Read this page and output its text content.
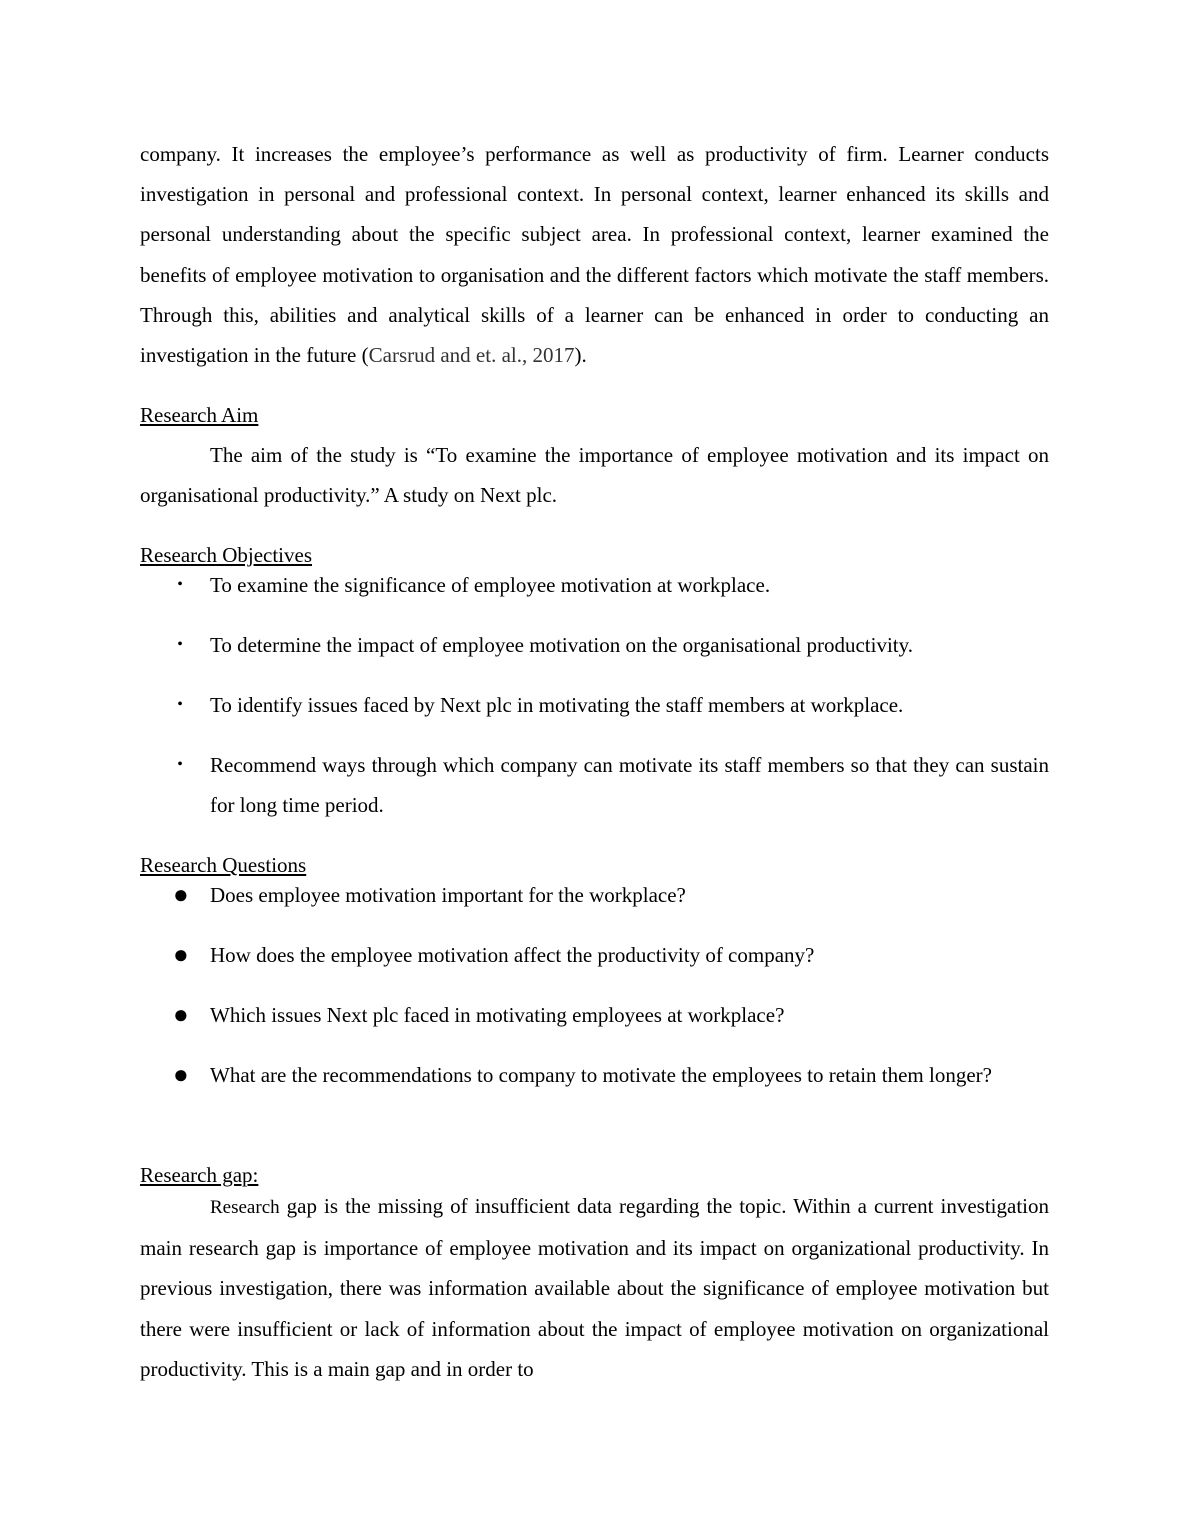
company. It increases the employee’s performance as well as productivity of firm. Learner conducts investigation in personal and professional context. In personal context, learner enhanced its skills and personal understanding about the specific subject area. In professional context, learner examined the benefits of employee motivation to organisation and the different factors which motivate the staff members. Through this, abilities and analytical skills of a learner can be enhanced in order to conducting an investigation in the future (Carsrud and et. al., 2017).

Research Aim

The aim of the study is “To examine the importance of employee motivation and its impact on organisational productivity.” A study on Next plc.

Research Objectives
• To examine the significance of employee motivation at workplace.
• To determine the impact of employee motivation on the organisational productivity.
• To identify issues faced by Next plc in motivating the staff members at workplace.
• Recommend ways through which company can motivate its staff members so that they can sustain for long time period.
Research Questions
● Does employee motivation important for the workplace?
● How does the employee motivation affect the productivity of company?
● Which issues Next plc faced in motivating employees at workplace?
● What are the recommendations to company to motivate the employees to retain them longer?
Research gap:

Research gap is the missing of insufficient data regarding the topic. Within a current investigation main research gap is importance of employee motivation and its impact on organizational productivity. In previous investigation, there was information available about the significance of employee motivation but there were insufficient or lack of information about the impact of employee motivation on organizational productivity. This is a main gap and in order to
